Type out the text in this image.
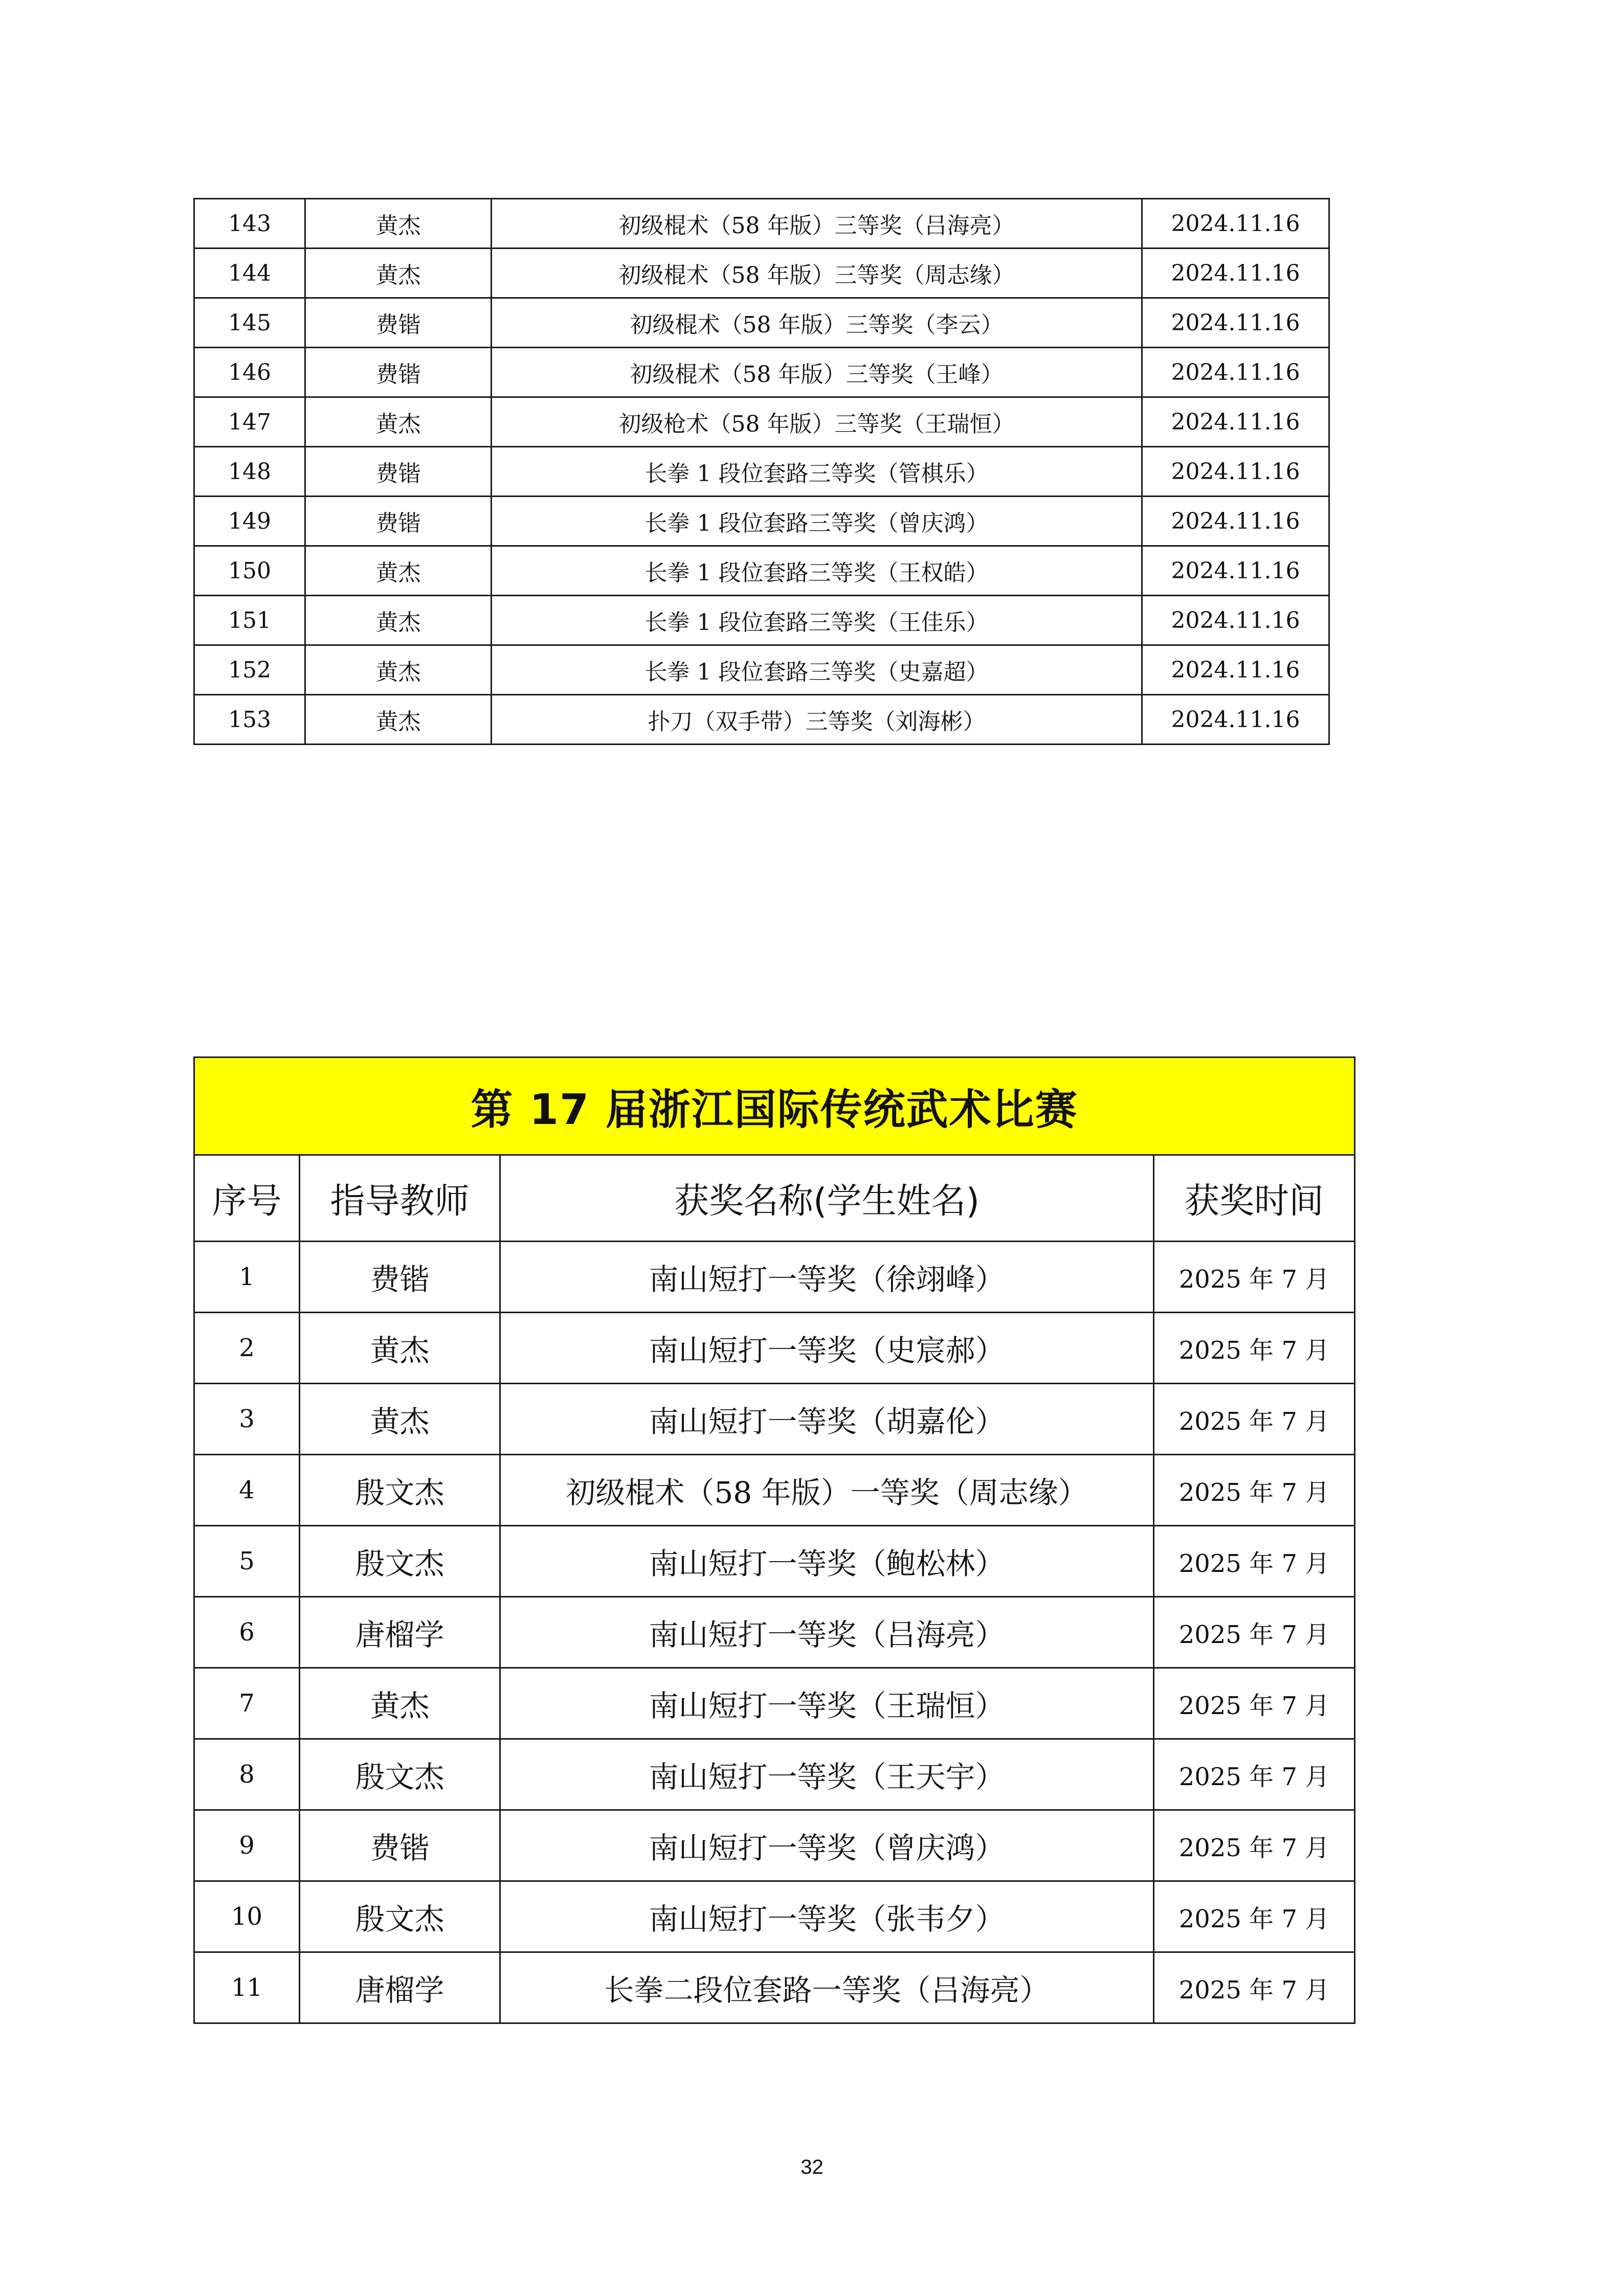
143	黄杰	初级棍术（58 年版）三等奖（吕海亮）	2024.11.16
144	黄杰	初级棍术（58 年版）三等奖（周志缘）	2024.11.16
145	费锴	初级棍术（58 年版）三等奖（李云）	2024.11.16
146	费锴	初级棍术（58 年版）三等奖（王峰）	2024.11.16
147	黄杰	初级枪术（58 年版）三等奖（王瑞恒）	2024.11.16
148	费锴	长拳 1 段位套路三等奖（管棋乐）	2024.11.16
149	费锴	长拳 1 段位套路三等奖（曾庆鸿）	2024.11.16
150	黄杰	长拳 1 段位套路三等奖（王权皓）	2024.11.16
151	黄杰	长拳 1 段位套路三等奖（王佳乐）	2024.11.16
152	黄杰	长拳 1 段位套路三等奖（史嘉超）	2024.11.16
153	黄杰	扑刀（双手带）三等奖（刘海彬）	2024.11.16
第 17 届浙江国际传统武术比赛			
序号	指导教师	获奖名称(学生姓名)	获奖时间
1	费锴	南山短打一等奖（徐翊峰）	2025 年 7 月
2	黄杰	南山短打一等奖（史宸郝）	2025 年 7 月
3	黄杰	南山短打一等奖（胡嘉伦）	2025 年 7 月
4	殷文杰	初级棍术（58 年版）一等奖（周志缘）	2025 年 7 月
5	殷文杰	南山短打一等奖（鲍松林）	2025 年 7 月
6	唐榴学	南山短打一等奖（吕海亮）	2025 年 7 月
7	黄杰	南山短打一等奖（王瑞恒）	2025 年 7 月
8	殷文杰	南山短打一等奖（王天宇）	2025 年 7 月
9	费锴	南山短打一等奖（曾庆鸿）	2025 年 7 月
10	殷文杰	南山短打一等奖（张韦夕）	2025 年 7 月
11	唐榴学	长拳二段位套路一等奖（吕海亮）	2025 年 7 月
32
